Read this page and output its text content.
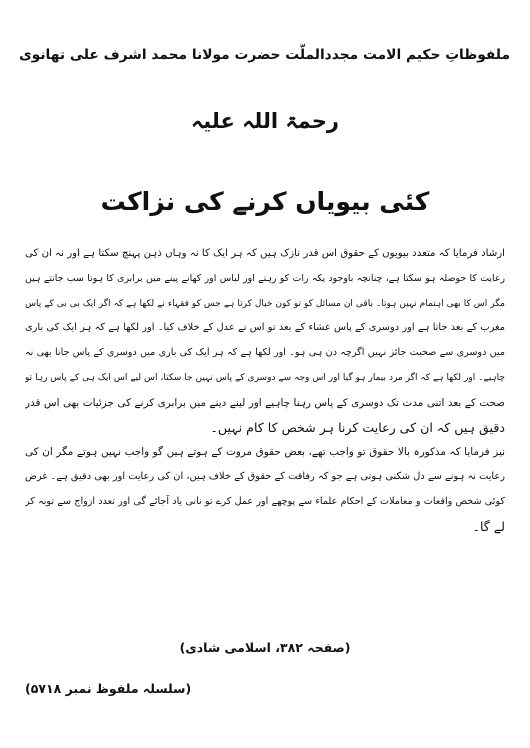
ملفوظاتِ حکیم الامت مجددالملّت حضرت مولانا محمد اشرف علی تھانوی
رحمۃ اللہ علیہ
کئی بیویاں کرنے کی نزاکت
ارشاد فرمایا کہ متعدد بیویوں کے حقوق اس قدر نازک ہیں کہ ہر ایک کا نہ وہاں ذہن پہنچ سکتا ہے اور نہ ان کی
رعایت کا حوصلہ ہو سکتا ہے، چنانچہ باوجود یکہ رات کو رہنے اور لباس اور کھانے پینے میں برابری کا ہونا سب جانتے ہیں
مگر اس کا بھی اہتمام نہیں ہوتا۔ باقی ان مسائل کو تو کون خیال کرتا ہے جس کو فقہاء نے لکھا ہے کہ اگر ایک بی بی کے پاس
مغرب کے بعد جاتا ہے اور دوسری کے پاس عشاء کے بعد تو اس نے عدل کے خلاف کیا۔ اور لکھا ہے کہ ہر ایک کی باری
میں دوسری سے صحبت جائز نہیں اگرچہ دن ہی ہو۔ اور لکھا ہے کہ ہر ایک کی باری میں دوسری کے پاس جانا بھی نہ
چاہیے۔ اور لکھا ہے کہ اگر مرد بیمار ہو گیا اور اس وجہ سے دوسری کے پاس نہیں جا سکتا، اس لیے اس ایک ہی کے پاس رہا تو
صحت کے بعد اتنی مدت تک دوسری کے پاس رہنا چاہیے اور لینے دینے میں برابری کرنے کی جزئیات بھی اس قدر
دقیق ہیں کہ ان کی رعایت کرنا ہر شخص کا کام نہیں۔
نیز فرمایا کہ مذکورہ بالا حقوق تو واجب تھے، بعض حقوق مروت کے ہوتے ہیں گو واجب نہیں ہوتے مگر ان کی
رعایت نہ ہونے سے دل شکنی ہوتی ہے جو کہ رفاقت کے حقوق کے خلاف ہیں، ان کی رعایت اور بھی دقیق ہے۔ غرض
کوئی شخص واقعات و معاملات کے احکام علماء سے پوچھے اور عمل کرے تو نانی یاد آجائے گی اور تعدد ازواج سے توبہ کر
لے گا۔
(صفحہ ۳۸۲، اسلامی شادی)
(سلسلہ ملفوظ نمبر ۵۷۱۸)
